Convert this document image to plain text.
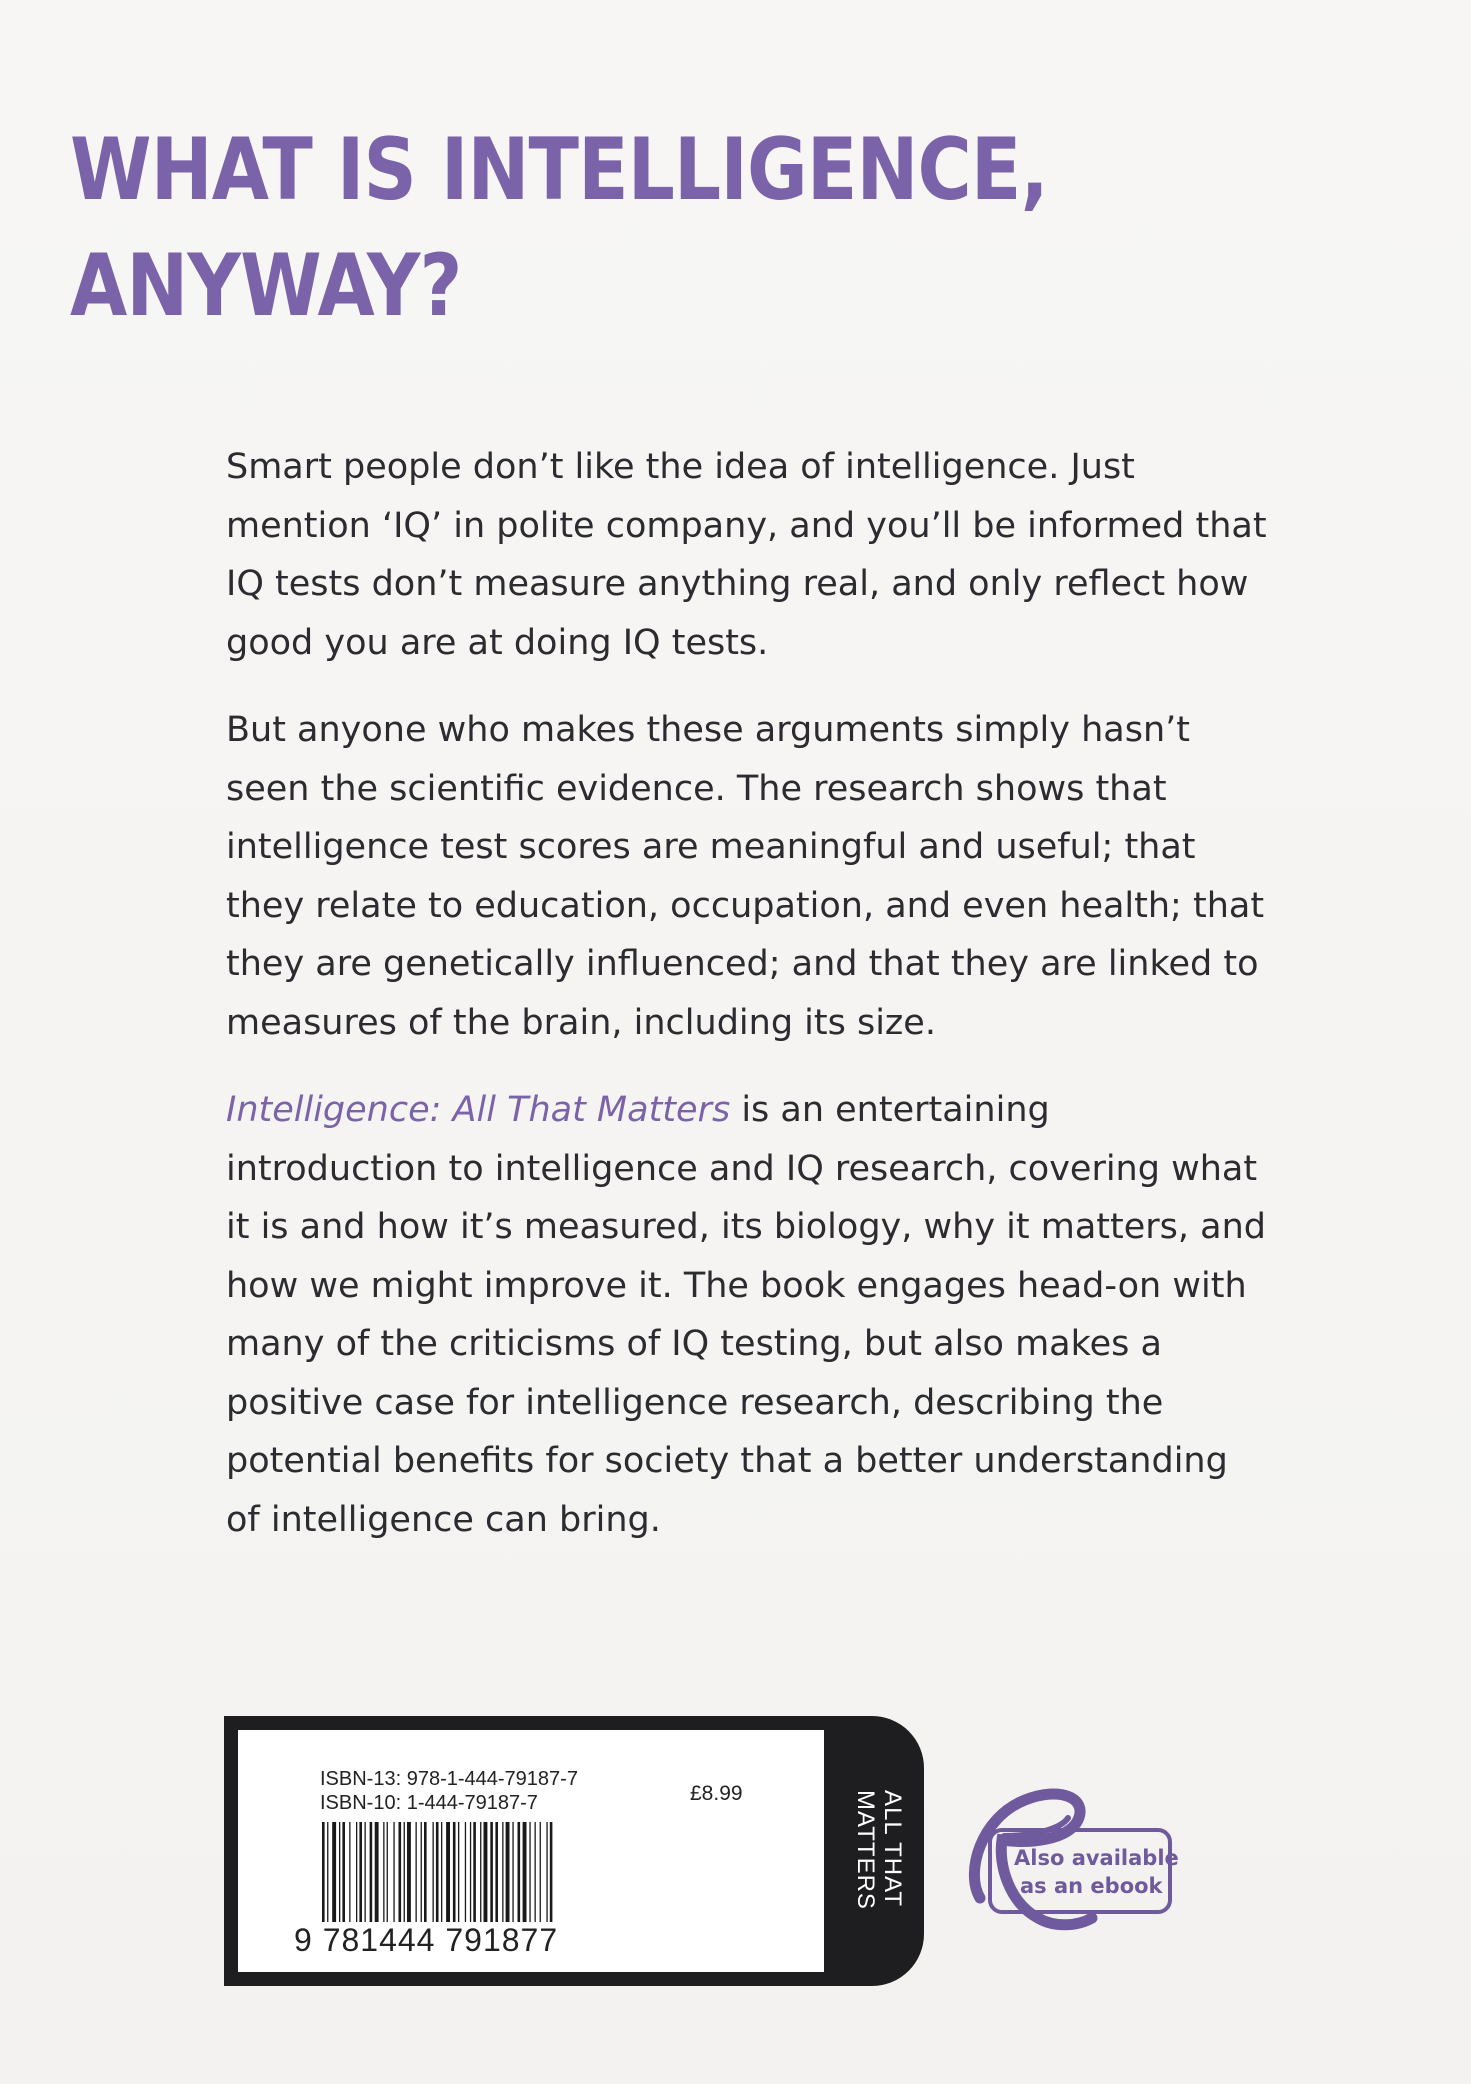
WHAT IS INTELLIGENCE,
ANYWAY?

Smart people don’t like the idea of intelligence. Just
mention ‘IQ’ in polite company, and you’ll be informed that
IQ tests don’t measure anything real, and only reflect how
good you are at doing IQ tests.

But anyone who makes these arguments simply hasn’t
seen the scientific evidence. The research shows that
intelligence test scores are meaningful and useful; that
they relate to education, occupation, and even health; that
they are genetically influenced; and that they are linked to
measures of the brain, including its size.

Intelligence: All That Matters is an entertaining
introduction to intelligence and IQ research, covering what
it is and how it’s measured, its biology, why it matters, and
how we might improve it. The book engages head-on with
many of the criticisms of IQ testing, but also makes a
positive case for intelligence research, describing the
potential benefits for society that a better understanding
of intelligence can bring.

ISBN-13: 978-1-444-79187-7
ISBN-10: 1-444-79187-7	£8.99
9 781444 791877
ALL THAT
MATTERS	Also available
as an ebook
